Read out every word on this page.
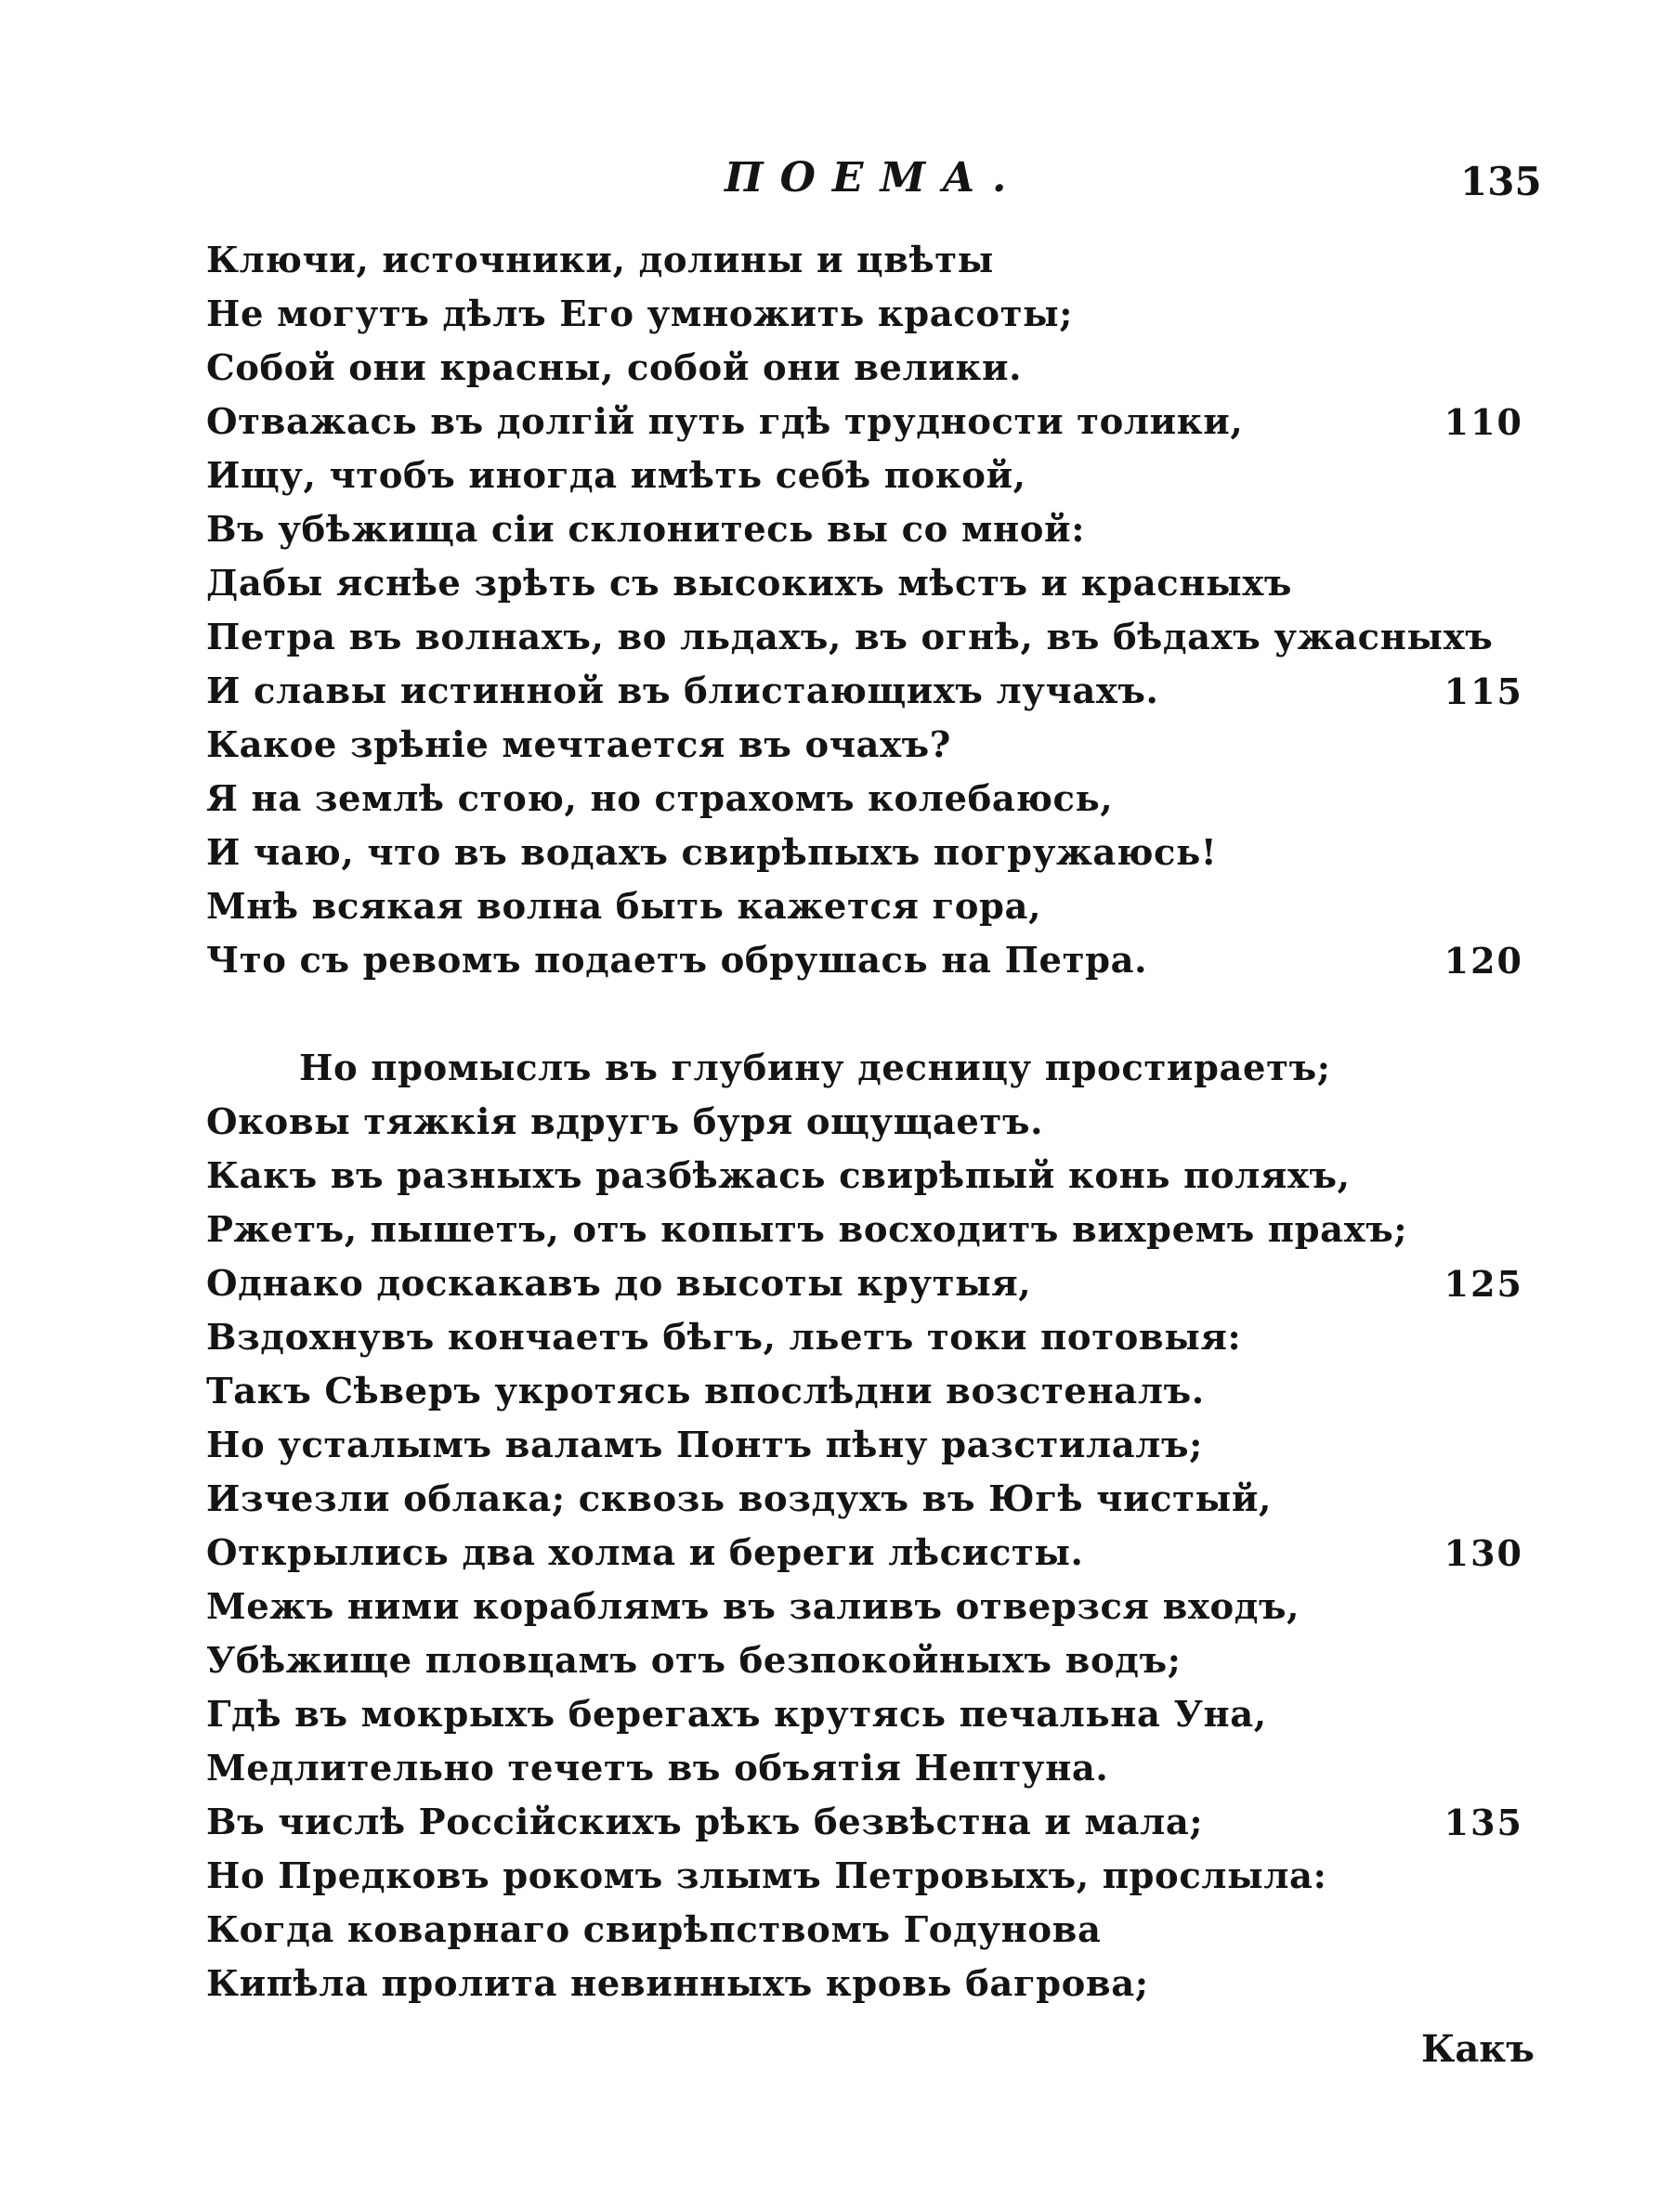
ПОЕМА.	135
Ключи, источники, долины и цвѣты
Не могутъ дѣлъ Его умножить красоты;
Собой они красны, собой они велики.
Отважась въ долгій путь гдѣ трудности толики,
Ищу, чтобъ иногда имѣть себѣ покой,
Въ убѣжища сіи склонитесь вы со мной:
Дабы яснѣе зрѣть съ высокихъ мѣстъ и красныхъ
Петра въ волнахъ, во льдахъ, въ огнѣ, въ бѣдахъ ужасныхъ
И славы истинной въ блистающихъ лучахъ.
Какое зрѣніе мечтается въ очахъ?
Я на землѣ стою, но страхомъ колебаюсь,
И чаю, что въ водахъ свирѣпыхъ погружаюсь!
Мнѣ всякая волна быть кажется гора,
Что съ ревомъ подаетъ обрушась на Петра.
Но промыслъ въ глубину десницу простираетъ;
Оковы тяжкія вдругъ буря ощущаетъ.
Какъ въ разныхъ разбѣжась свирѣпый конь поляхъ,
Ржетъ, пышетъ, отъ копытъ восходитъ вихремъ прахъ;
Однако доскакавъ до высоты крутыя,
Вздохнувъ кончаетъ бѣгъ, льетъ токи потовыя:
Такъ Сѣверъ укротясь впослѣдни возстеналъ.
Но усталымъ валамъ Понтъ пѣну разстилалъ;
Изчезли облака; сквозь воздухъ въ Югѣ чистый,
Открылись два холма и береги лѣсисты.
Межъ ними кораблямъ въ заливъ отверзся входъ,
Убѣжище пловцамъ отъ безпокойныхъ водъ;
Гдѣ въ мокрыхъ берегахъ крутясь печальна Уна,
Медлительно течетъ въ объятія Нептуна.
Въ числѣ Россійскихъ рѣкъ безвѣстна и мала;
Но Предковъ рокомъ злымъ Петровыхъ, прослыла:
Когда коварнаго свирѣпствомъ Годунова
Кипѣла пролита невинныхъ кровь багрова;
110
115
120
125
130
135
Какъ
